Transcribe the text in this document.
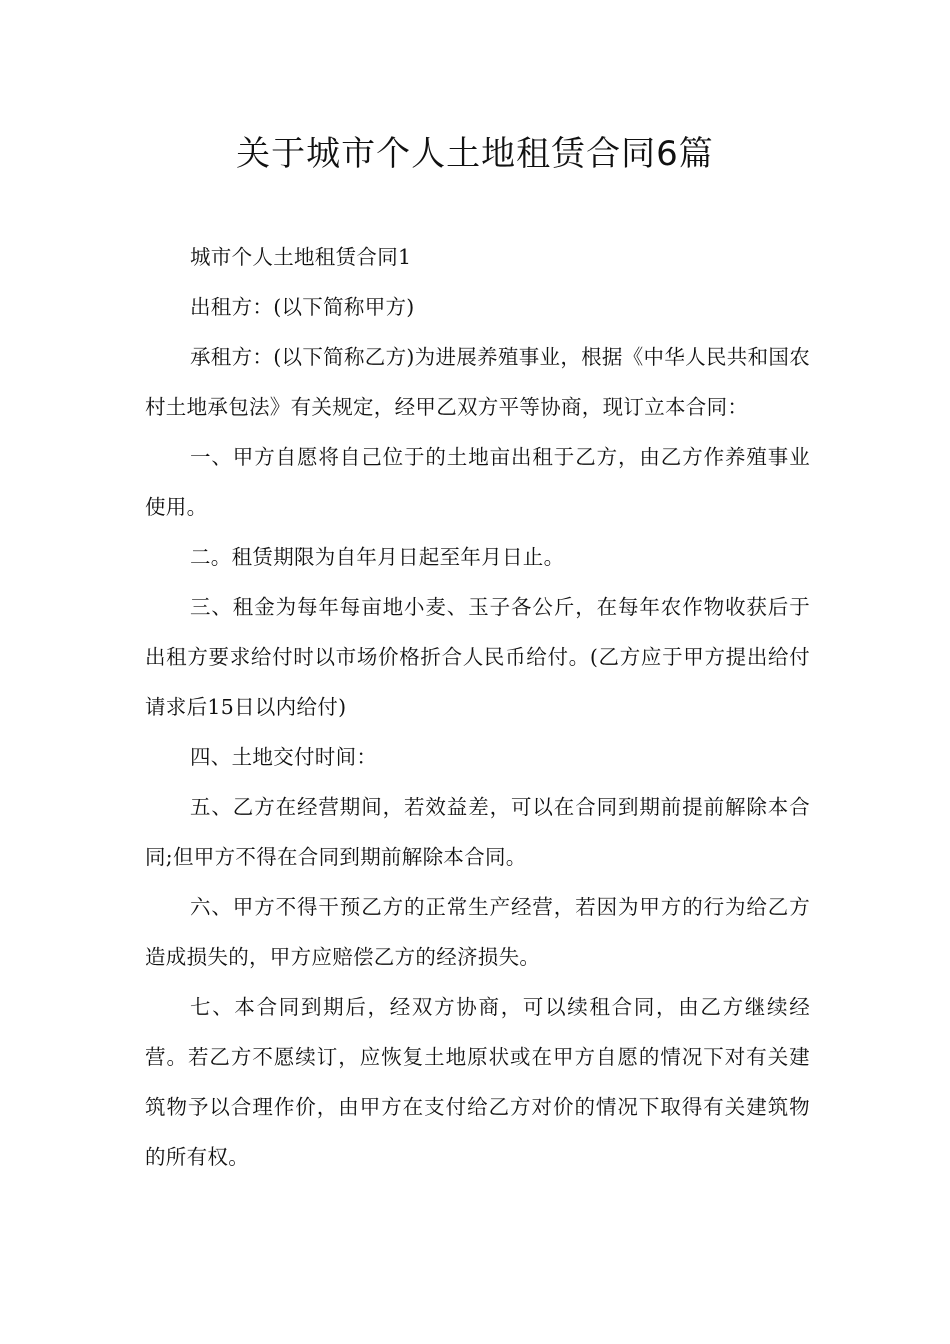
关于城市个人土地租赁合同6篇

城市个人土地租赁合同1

出租方：(以下简称甲方)

承租方：(以下简称乙方)为进展养殖事业，根据《中华人民共和国农村土地承包法》有关规定，经甲乙双方平等协商，现订立本合同：

一、甲方自愿将自己位于的土地亩出租于乙方，由乙方作养殖事业使用。

二。租赁期限为自年月日起至年月日止。

三、租金为每年每亩地小麦、玉子各公斤，在每年农作物收获后于出租方要求给付时以市场价格折合人民币给付。(乙方应于甲方提出给付请求后15日以内给付)

四、土地交付时间：

五、乙方在经营期间，若效益差，可以在合同到期前提前解除本合同;但甲方不得在合同到期前解除本合同。

六、甲方不得干预乙方的正常生产经营，若因为甲方的行为给乙方造成损失的，甲方应赔偿乙方的经济损失。

七、本合同到期后，经双方协商，可以续租合同，由乙方继续经营。若乙方不愿续订，应恢复土地原状或在甲方自愿的情况下对有关建筑物予以合理作价，由甲方在支付给乙方对价的情况下取得有关建筑物的所有权。
